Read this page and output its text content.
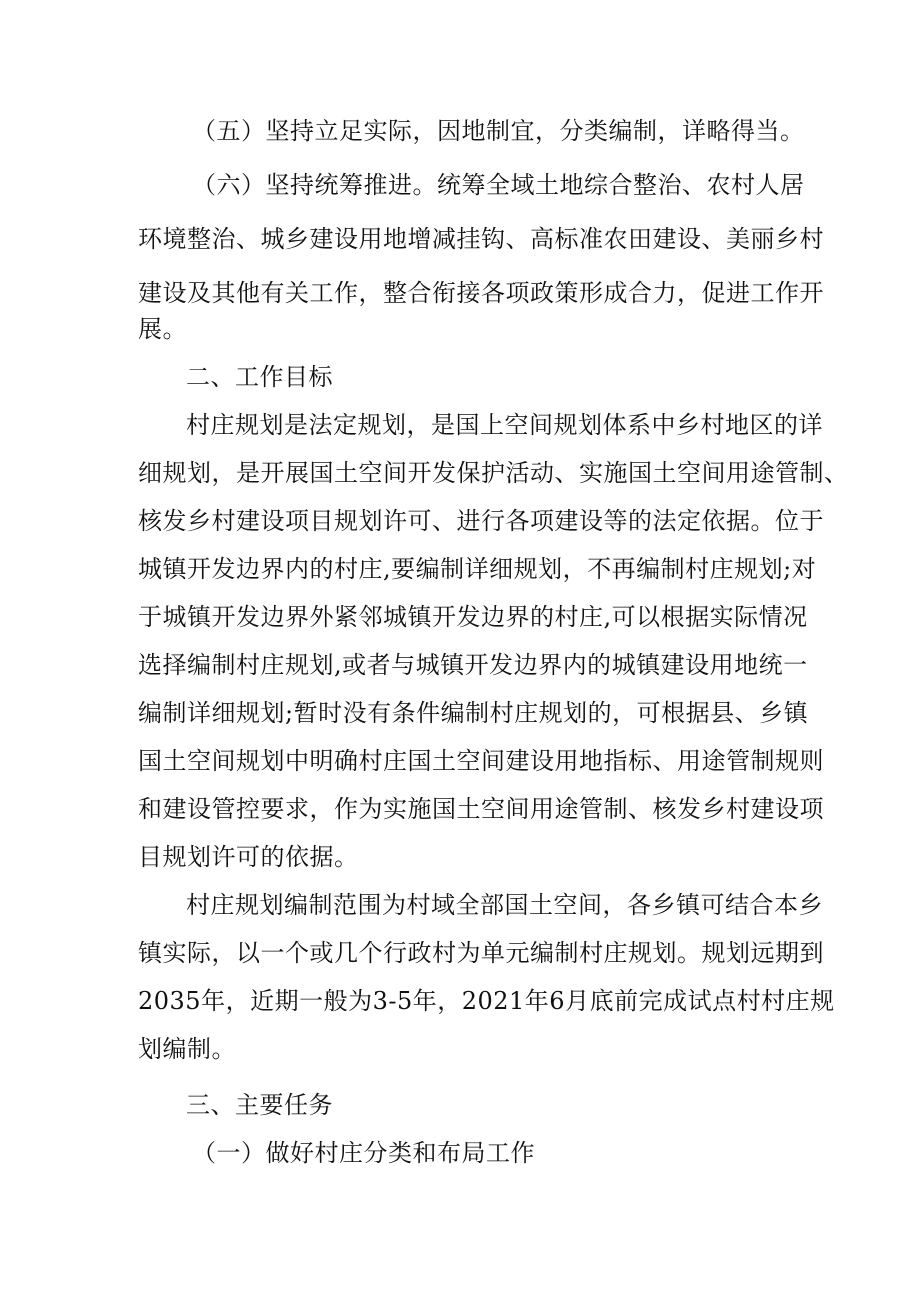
（五）坚持立足实际，因地制宜，分类编制，详略得当。
（六）坚持统筹推进。统筹全域土地综合整治、农村人居
环境整治、城乡建设用地增减挂钩、高标准农田建设、美丽乡村
建设及其他有关工作，整合衔接各项政策形成合力，促进工作开
展。
二、工作目标
村庄规划是法定规划，是国上空间规划体系中乡村地区的详
细规划，是开展国土空间开发保护活动、实施国土空间用途管制、
核发乡村建设项目规划许可、进行各项建设等的法定依据。位于
城镇开发边界内的村庄,要编制详细规划，不再编制村庄规划;对
于城镇开发边界外紧邻城镇开发边界的村庄,可以根据实际情况
选择编制村庄规划,或者与城镇开发边界内的城镇建设用地统一
编制详细规划;暂时没有条件编制村庄规划的，可根据县、乡镇
国土空间规划中明确村庄国土空间建设用地指标、用途管制规则
和建设管控要求，作为实施国土空间用途管制、核发乡村建设项
目规划许可的依据。
村庄规划编制范围为村域全部国土空间，各乡镇可结合本乡
镇实际，以一个或几个行政村为单元编制村庄规划。规划远期到
2035年，近期一般为3-5年，2021年6月底前完成试点村村庄规
划编制。
三、主要任务
（一）做好村庄分类和布局工作
